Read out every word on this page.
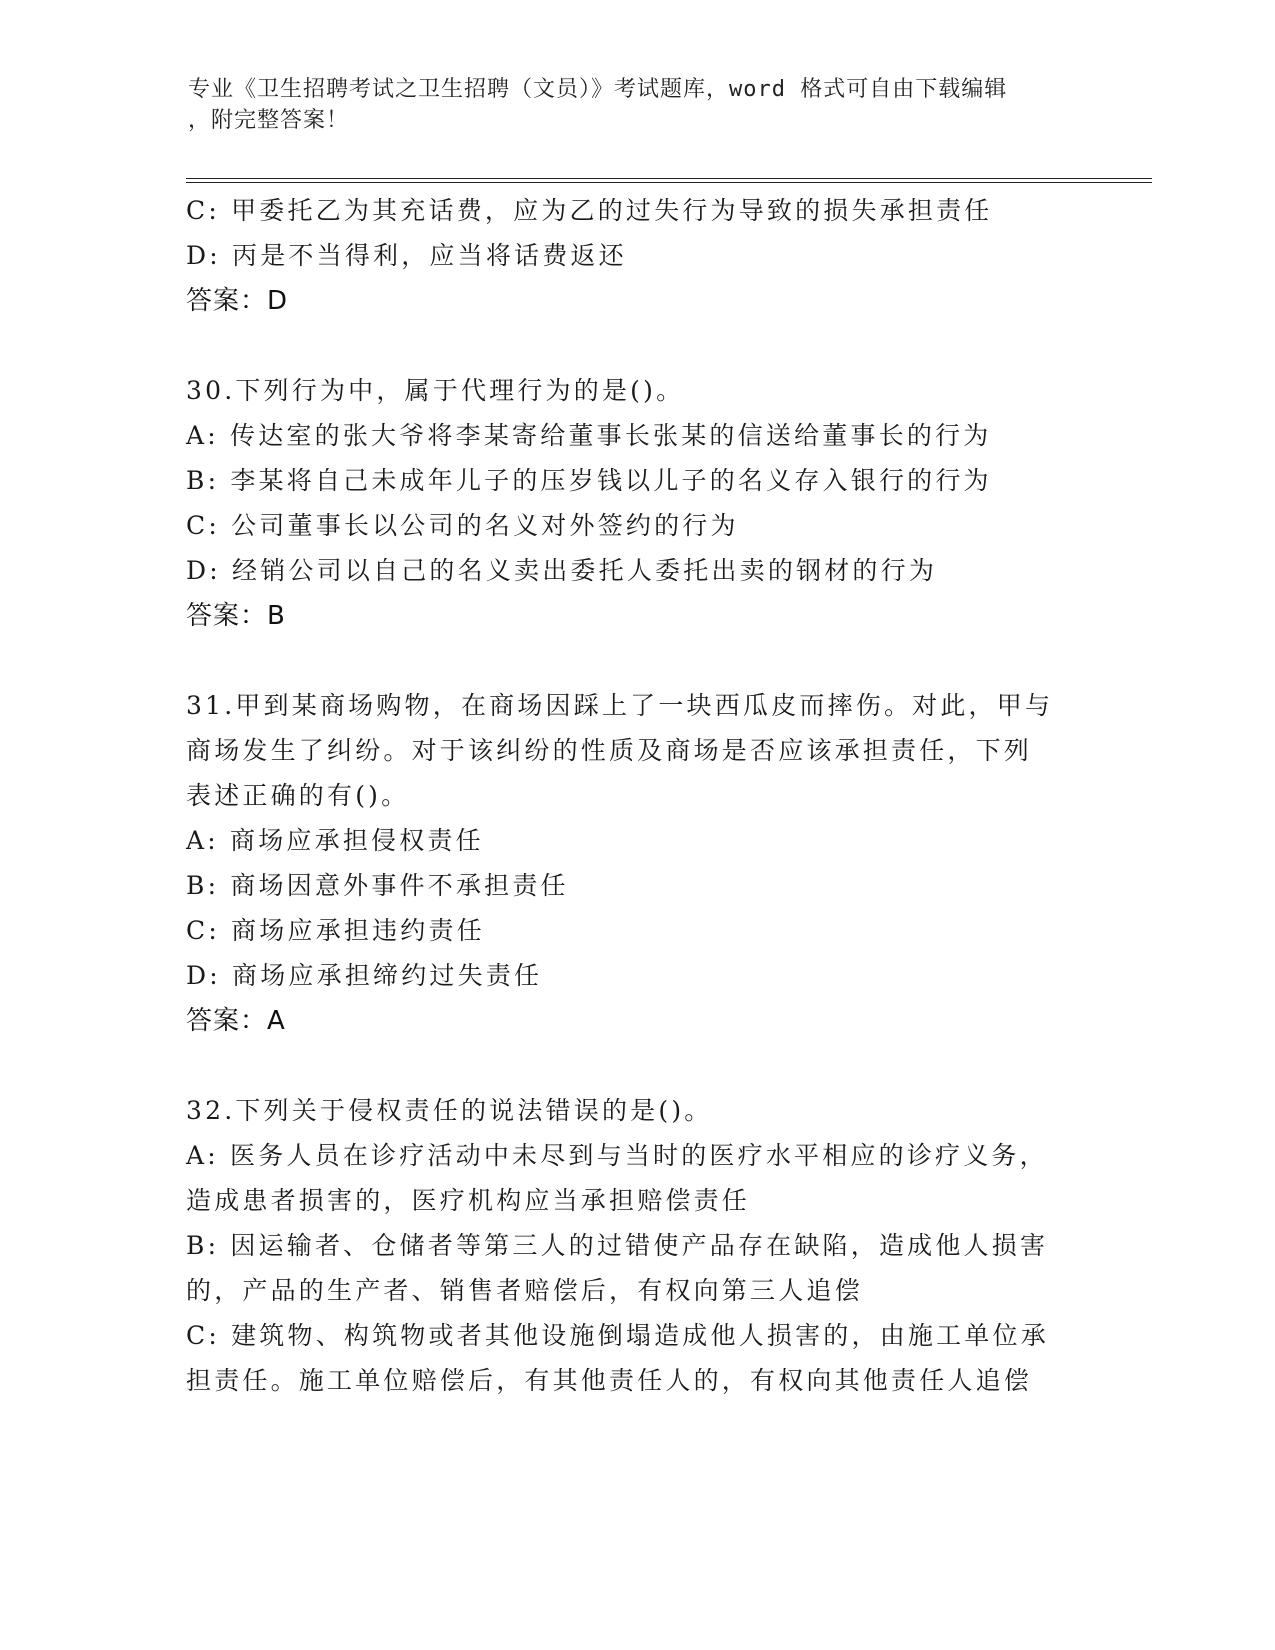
专业《卫生招聘考试之卫生招聘（文员）》考试题库，word 格式可自由下载编辑
，附完整答案！
C: 甲委托乙为其充话费，应为乙的过失行为导致的损失承担责任
D: 丙是不当得利，应当将话费返还
答案：D
30.下列行为中，属于代理行为的是()。
A: 传达室的张大爷将李某寄给董事长张某的信送给董事长的行为
B: 李某将自己未成年儿子的压岁钱以儿子的名义存入银行的行为
C: 公司董事长以公司的名义对外签约的行为
D: 经销公司以自己的名义卖出委托人委托出卖的钢材的行为
答案：B
31.甲到某商场购物，在商场因踩上了一块西瓜皮而摔伤。对此，甲与
商场发生了纠纷。对于该纠纷的性质及商场是否应该承担责任，下列
表述正确的有()。
A: 商场应承担侵权责任
B: 商场因意外事件不承担责任
C: 商场应承担违约责任
D: 商场应承担缔约过失责任
答案：A
32.下列关于侵权责任的说法错误的是()。
A: 医务人员在诊疗活动中未尽到与当时的医疗水平相应的诊疗义务，
造成患者损害的，医疗机构应当承担赔偿责任
B: 因运输者、仓储者等第三人的过错使产品存在缺陷，造成他人损害
的，产品的生产者、销售者赔偿后，有权向第三人追偿
C: 建筑物、构筑物或者其他设施倒塌造成他人损害的，由施工单位承
担责任。施工单位赔偿后，有其他责任人的，有权向其他责任人追偿
